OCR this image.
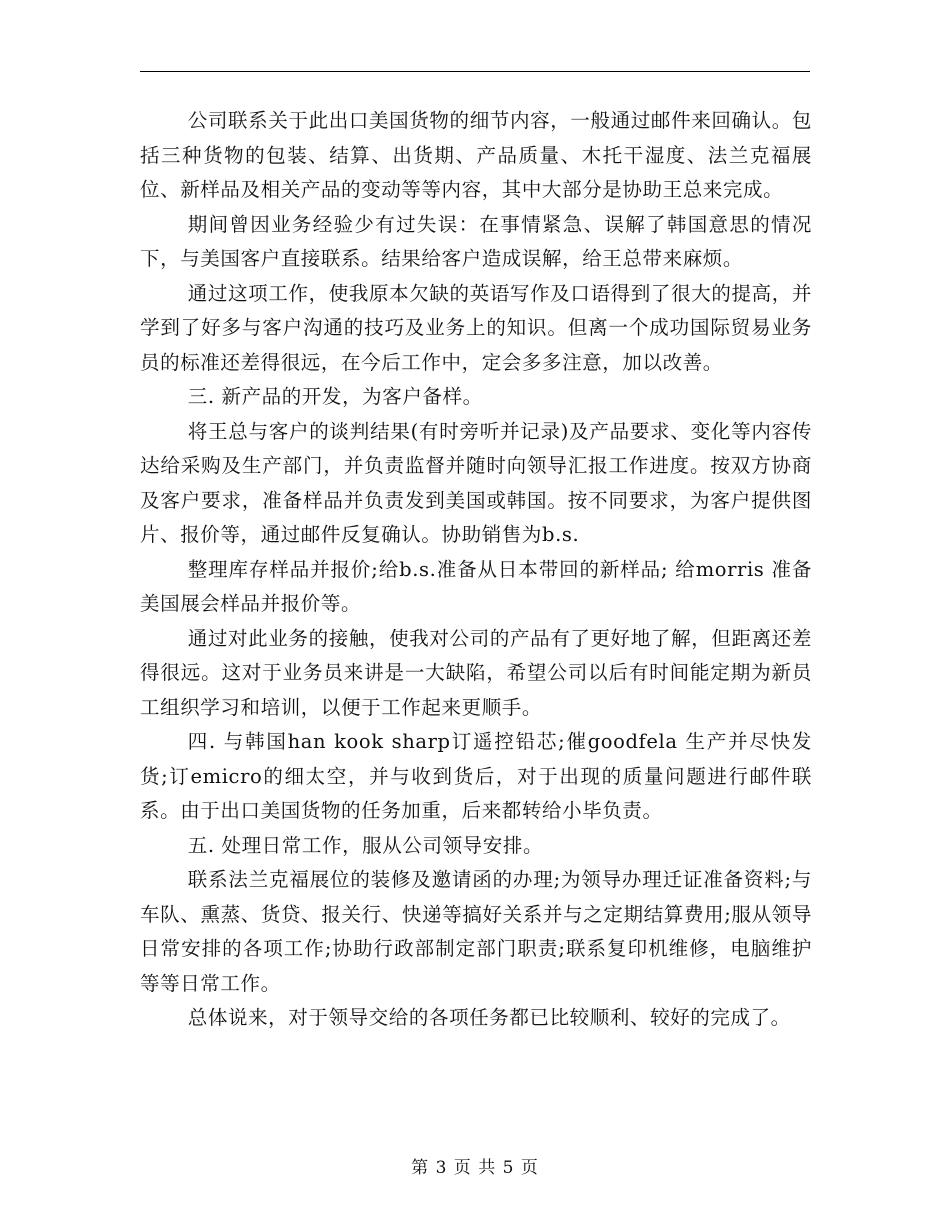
公司联系关于此出口美国货物的细节内容，一般通过邮件来回确认。包括三种货物的包装、结算、出货期、产品质量、木托干湿度、法兰克福展位、新样品及相关产品的变动等等内容，其中大部分是协助王总来完成。

期间曾因业务经验少有过失误：在事情紧急、误解了韩国意思的情况下，与美国客户直接联系。结果给客户造成误解，给王总带来麻烦。

通过这项工作，使我原本欠缺的英语写作及口语得到了很大的提高，并学到了好多与客户沟通的技巧及业务上的知识。但离一个成功国际贸易业务员的标准还差得很远，在今后工作中，定会多多注意，加以改善。

三. 新产品的开发，为客户备样。

将王总与客户的谈判结果(有时旁听并记录)及产品要求、变化等内容传达给采购及生产部门，并负责监督并随时向领导汇报工作进度。按双方协商及客户要求，准备样品并负责发到美国或韩国。按不同要求，为客户提供图片、报价等，通过邮件反复确认。协助销售为b.s.

整理库存样品并报价;给b.s.准备从日本带回的新样品; 给morris 准备美国展会样品并报价等。

通过对此业务的接触，使我对公司的产品有了更好地了解，但距离还差得很远。这对于业务员来讲是一大缺陷，希望公司以后有时间能定期为新员工组织学习和培训，以便于工作起来更顺手。

四. 与韩国han kook sharp订遥控铅芯;催goodfela 生产并尽快发货;订emicro的细太空，并与收到货后，对于出现的质量问题进行邮件联系。由于出口美国货物的任务加重，后来都转给小毕负责。

五. 处理日常工作，服从公司领导安排。

联系法兰克福展位的装修及邀请函的办理;为领导办理迁证准备资料;与车队、熏蒸、货贷、报关行、快递等搞好关系并与之定期结算费用;服从领导日常安排的各项工作;协助行政部制定部门职责;联系复印机维修，电脑维护等等日常工作。

总体说来，对于领导交给的各项任务都已比较顺利、较好的完成了。

第 3 页 共 5 页
